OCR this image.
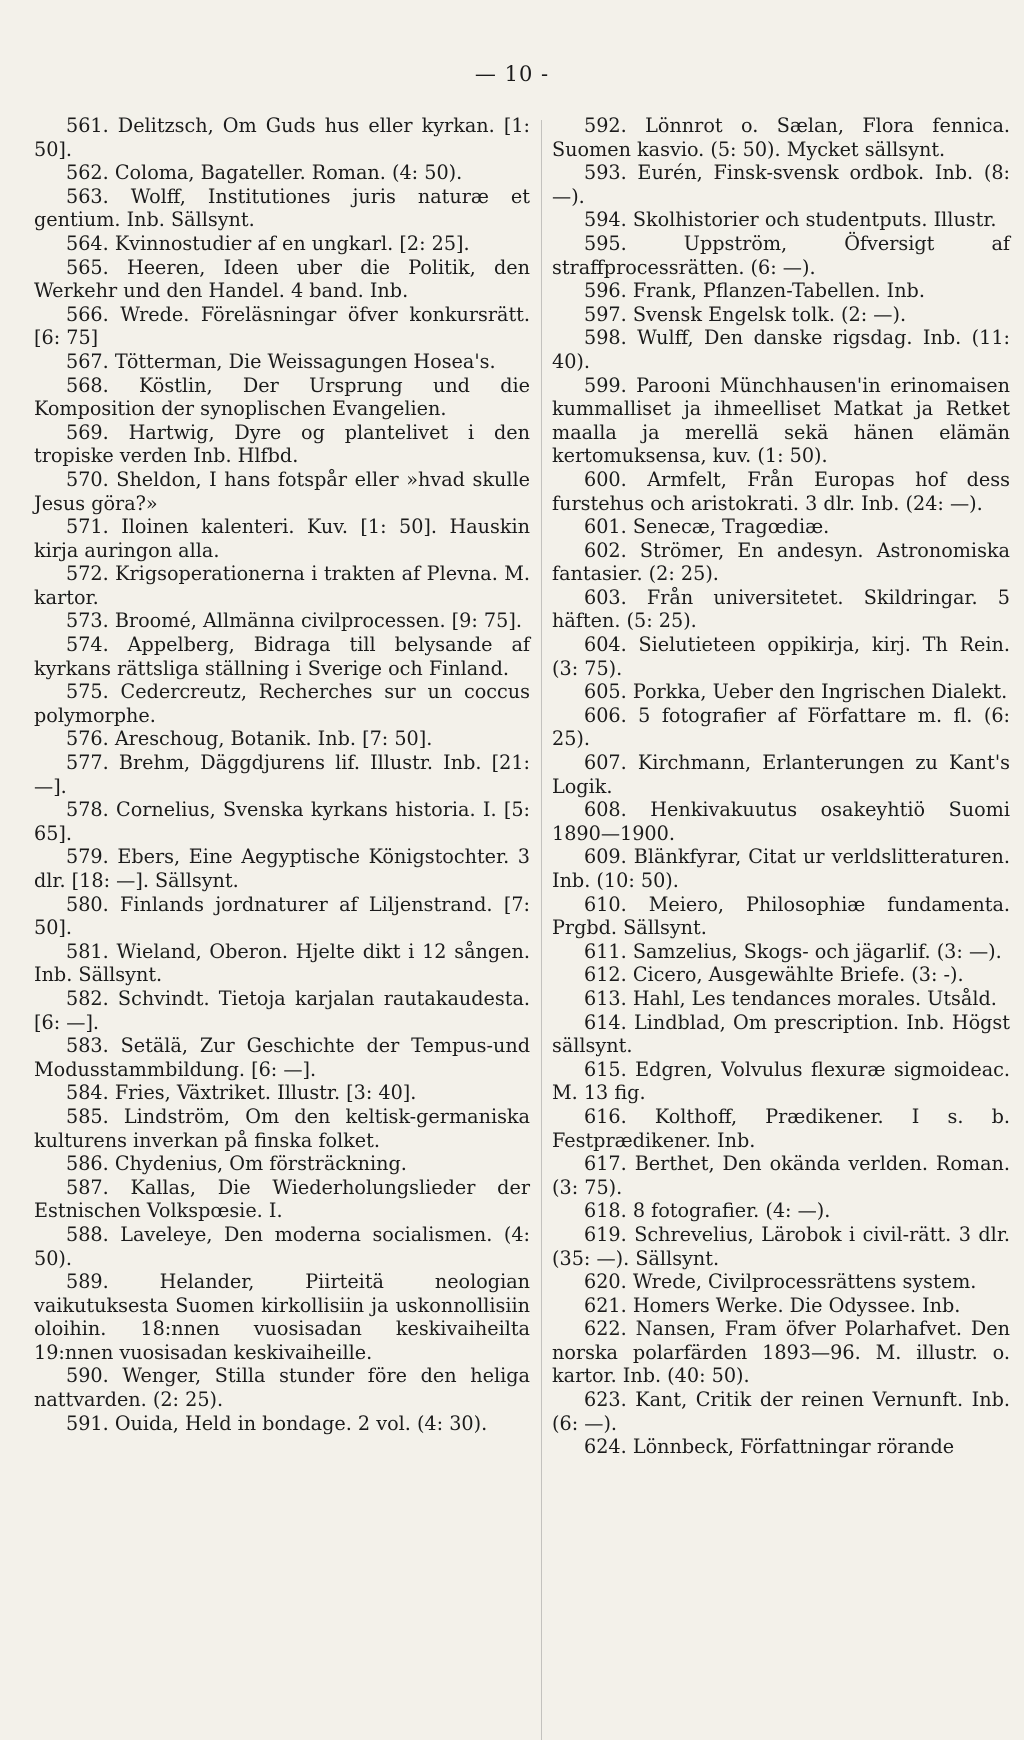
— 10 -
561. Delitzsch, Om Guds hus eller kyrkan. [1: 50].
562. Coloma, Bagateller. Roman. (4: 50).
563. Wolff, Institutiones juris naturæ et gentium. Inb. Sällsynt.
564. Kvinnostudier af en ungkarl. [2: 25].
565. Heeren, Ideen uber die Politik, den Werkehr und den Handel. 4 band. Inb.
566. Wrede. Föreläsningar öfver konkursrätt. [6: 75]
567. Tötterman, Die Weissagungen Hosea's.
568. Köstlin, Der Ursprung und die Komposition der synoplischen Evangelien.
569. Hartwig, Dyre og plantelivet i den tropiske verden Inb. Hlfbd.
570. Sheldon, I hans fotspår eller »hvad skulle Jesus göra?»
571. Iloinen kalenteri. Kuv. [1: 50]. Hauskin kirja auringon alla.
572. Krigsoperationerna i trakten af Plevna. M. kartor.
573. Broomé, Allmänna civilprocessen. [9: 75].
574. Appelberg, Bidraga till belysande af kyrkans rättsliga ställning i Sverige och Finland.
575. Cedercreutz, Recherches sur un coccus polymorphe.
576. Areschoug, Botanik. Inb. [7: 50].
577. Brehm, Däggdjurens lif. Illustr. Inb. [21: —].
578. Cornelius, Svenska kyrkans historia. I. [5: 65].
579. Ebers, Eine Aegyptische Königstochter. 3 dlr. [18: —]. Sällsynt.
580. Finlands jordnaturer af Liljenstrand. [7: 50].
581. Wieland, Oberon. Hjelte dikt i 12 sången. Inb. Sällsynt.
582. Schvindt. Tietoja karjalan rautakaudesta. [6: —].
583. Setälä, Zur Geschichte der Tempus-und Modusstammbildung. [6: —].
584. Fries, Växtriket. Illustr. [3: 40].
585. Lindström, Om den keltisk-germaniska kulturens inverkan på finska folket.
586. Chydenius, Om försträckning.
587. Kallas, Die Wiederholungslieder der Estnischen Volkspœsie. I.
588. Laveleye, Den moderna socialismen. (4: 50).
589. Helander, Piirteitä neologian vaikutuksesta Suomen kirkollisiin ja uskonnollisiin oloihin. 18:nnen vuosisadan keskivaiheilta 19:nnen vuosisadan keskivaiheille.
590. Wenger, Stilla stunder före den heliga nattvarden. (2: 25).
591. Ouida, Held in bondage. 2 vol. (4: 30).
592. Lönnrot o. Sælan, Flora fennica. Suomen kasvio. (5: 50). Mycket sällsynt.
593. Eurén, Finsk-svensk ordbok. Inb. (8: —).
594. Skolhistorier och studentputs. Illustr.
595. Uppström, Öfversigt af straffprocessrätten. (6: —).
596. Frank, Pflanzen-Tabellen. Inb.
597. Svensk Engelsk tolk. (2: —).
598. Wulff, Den danske rigsdag. Inb. (11: 40).
599. Parooni Münchhausen'in erinomaisen kummalliset ja ihmeelliset Matkat ja Retket maalla ja merellä sekä hänen elämän kertomuksensa, kuv. (1: 50).
600. Armfelt, Från Europas hof dess furstehus och aristokrati. 3 dlr. Inb. (24: —).
601. Senecæ, Tragœdiæ.
602. Strömer, En andesyn. Astronomiska fantasier. (2: 25).
603. Från universitetet. Skildringar. 5 häften. (5: 25).
604. Sielutieteen oppikirja, kirj. Th Rein. (3: 75).
605. Porkka, Ueber den Ingrischen Dialekt.
606. 5 fotografier af Författare m. fl. (6: 25).
607. Kirchmann, Erlanterungen zu Kant's Logik.
608. Henkivakuutus osakeyhtiö Suomi 1890—1900.
609. Blänkfyrar, Citat ur verldslitteraturen. Inb. (10: 50).
610. Meiero, Philosophiæ fundamenta. Prgbd. Sällsynt.
611. Samzelius, Skogs- och jägarlif. (3: —).
612. Cicero, Ausgewählte Briefe. (3: -).
613. Hahl, Les tendances morales. Utsåld.
614. Lindblad, Om prescription. Inb. Högst sällsynt.
615. Edgren, Volvulus flexuræ sigmoideac. M. 13 fig.
616. Kolthoff, Prædikener. I s. b. Festprædikener. Inb.
617. Berthet, Den okända verlden. Roman. (3: 75).
618. 8 fotografier. (4: —).
619. Schrevelius, Lärobok i civil-rätt. 3 dlr. (35: —). Sällsynt.
620. Wrede, Civilprocessrättens system.
621. Homers Werke. Die Odyssee. Inb.
622. Nansen, Fram öfver Polarhafvet. Den norska polarfärden 1893—96. M. illustr. o. kartor. Inb. (40: 50).
623. Kant, Critik der reinen Vernunft. Inb. (6: —).
624. Lönnbeck, Författningar rörande
